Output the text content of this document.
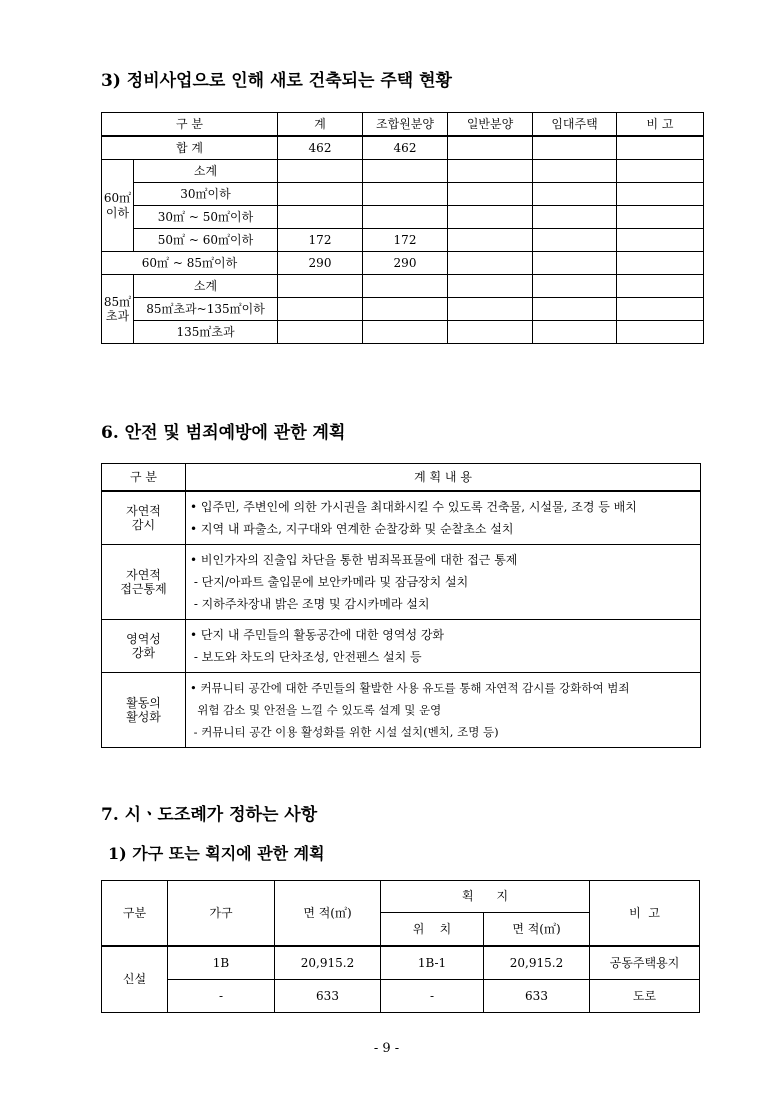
3) 정비사업으로 인해 새로 건축되는 주택 현황
구 분		계	조합원분양	일반분양	임대주택	비 고
합 계		462	462			
60㎡
이하	소계					
	30㎡이하					
	30㎡ ~ 50㎡이하					
	50㎡ ~ 60㎡이하	172	172			
60㎡ ~ 85㎡이하		290	290			
85㎡
초과	소계					
	85㎡초과~135㎡이하					
	135㎡초과					
6. 안전 및 범죄예방에 관한 계획
구 분	계 획 내 용
자연적
감시	• 입주민, 주변인에 의한 가시권을 최대화시킬 수 있도록 건축물, 시설물, 조경 등 배치
• 지역 내 파출소, 지구대와 연계한 순찰강화 및 순찰초소 설치

자연적
접근통제	• 비인가자의 진출입 차단을 통한 범죄목표물에 대한 접근 통제
- 단지/아파트 출입문에 보안카메라 및 잠금장치 설치
- 지하주차장내 밝은 조명 및 감시카메라 설치

영역성
강화	• 단지 내 주민들의 활동공간에 대한 영역성 강화
- 보도와 차도의 단차조성, 안전펜스 설치 등

활동의
활성화	• 커뮤니티 공간에 대한 주민들의 활발한 사용 유도를 통해 자연적 감시를 강화하여 범죄
위험 감소 및 안전을 느낄 수 있도록 설계 및 운영
- 커뮤니티 공간 이용 활성화를 위한 시설 설치(벤치, 조명 등)
7. 시ㆍ도조례가 정하는 사항
1) 가구 또는 획지에 관한 계획
구분	가구	면 적(㎡)	획      지		비  고
			위    치	면 적(㎡)	
신설	1B	20,915.2	1B-1	20,915.2	공동주택용지
	-	633	-	633	도로
- 9 -
